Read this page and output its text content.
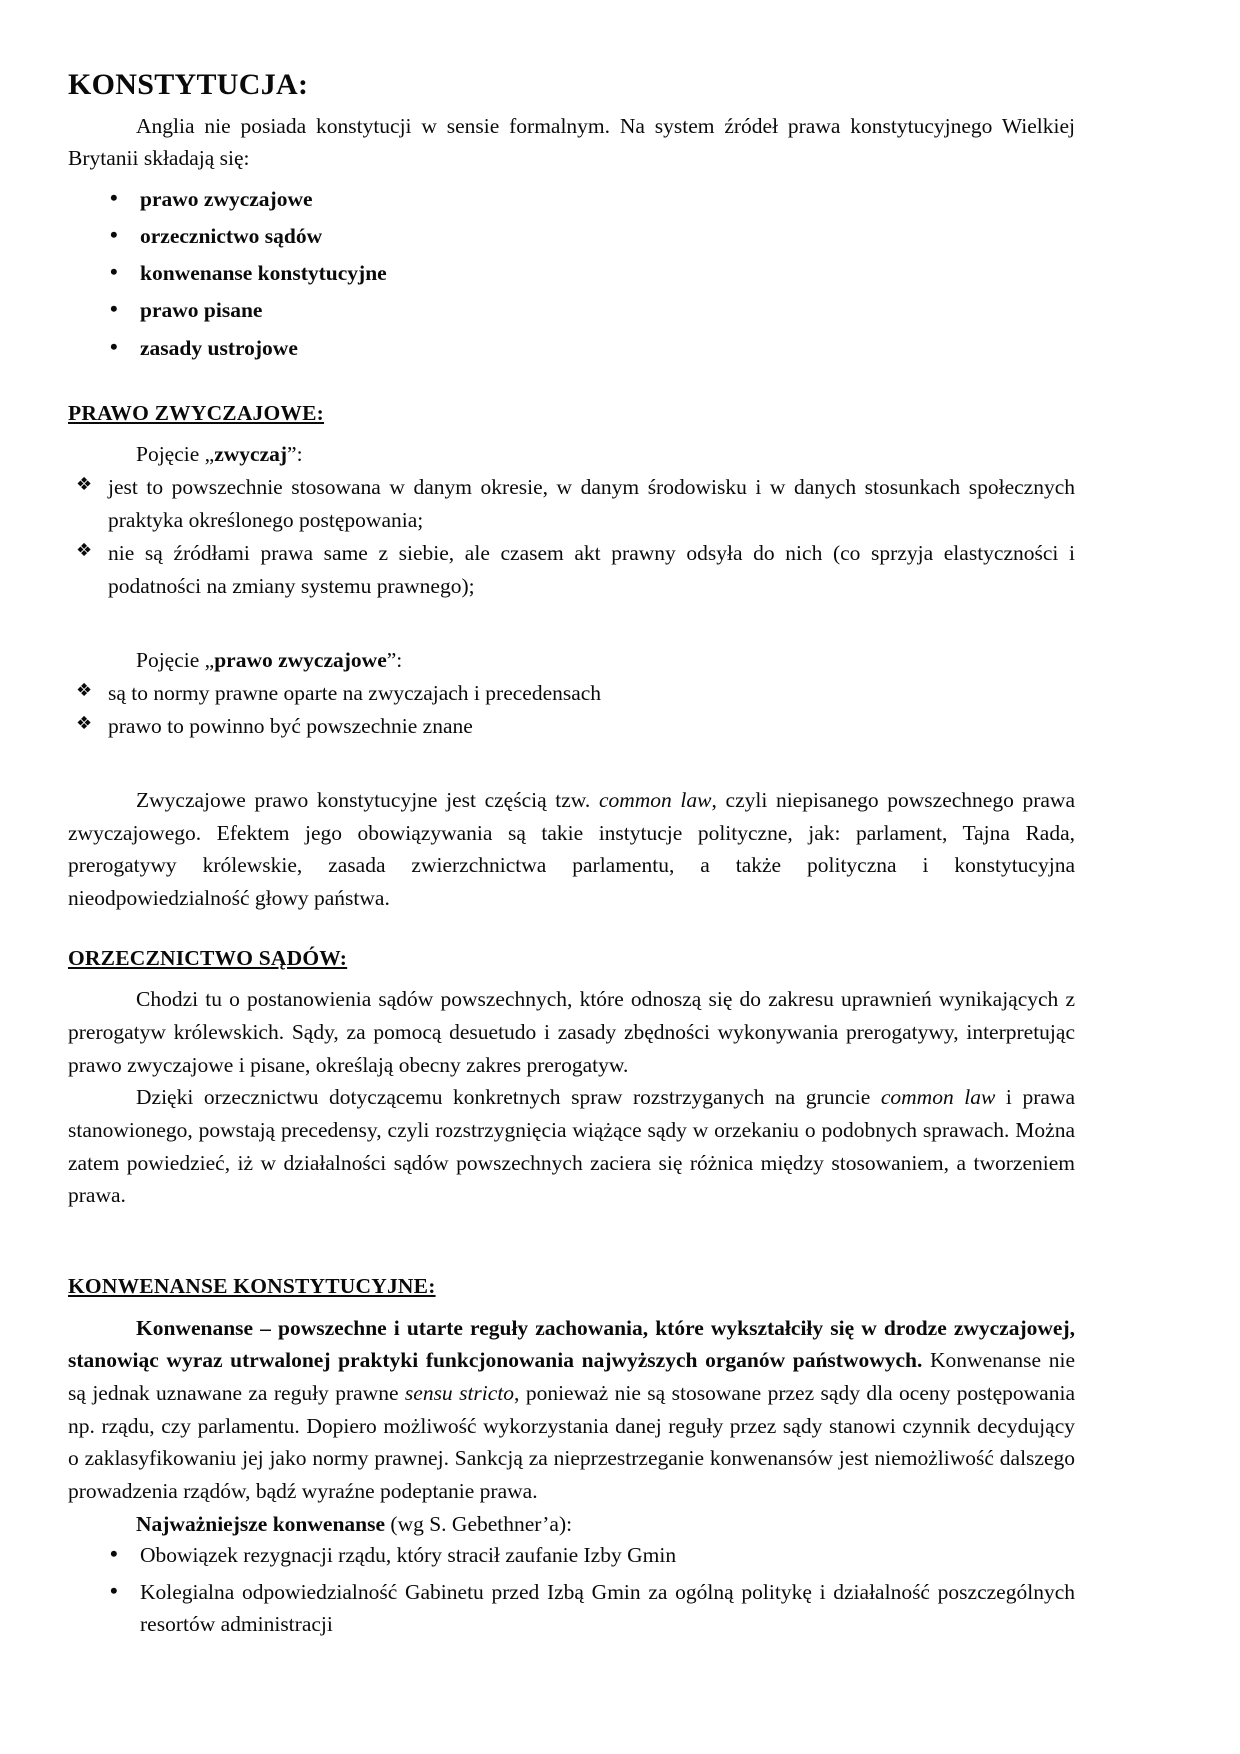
KONSTYTUCJA:

Anglia nie posiada konstytucji w sensie formalnym. Na system źródeł prawa konstytucyjnego Wielkiej Brytanii składają się:

• prawo zwyczajowe
• orzecznictwo sądów
• konwenanse konstytucyjne
• prawo pisane
• zasady ustrojowe
PRAWO ZWYCZAJOWE:

Pojęcie „zwyczaj”:

❖ jest to powszechnie stosowana w danym okresie, w danym środowisku i w danych stosunkach społecznych praktyka określonego postępowania;
❖ nie są źródłami prawa same z siebie, ale czasem akt prawny odsyła do nich (co sprzyja elastyczności i podatności na zmiany systemu prawnego);

Pojęcie „prawo zwyczajowe”:

❖ są to normy prawne oparte na zwyczajach i precedensach
❖ prawo to powinno być powszechnie znane

Zwyczajowe prawo konstytucyjne jest częścią tzw. common law, czyli niepisanego powszechnego prawa zwyczajowego. Efektem jego obowiązywania są takie instytucje polityczne, jak: parlament, Tajna Rada, prerogatywy królewskie, zasada zwierzchnictwa parlamentu, a także polityczna i konstytucyjna nieodpowiedzialność głowy państwa.

ORZECZNICTWO SĄDÓW:

Chodzi tu o postanowienia sądów powszechnych, które odnoszą się do zakresu uprawnień wynikających z prerogatyw królewskich. Sądy, za pomocą desuetudo i zasady zbędności wykonywania prerogatywy, interpretując prawo zwyczajowe i pisane, określają obecny zakres prerogatyw.

Dzięki orzecznictwu dotyczącemu konkretnych spraw rozstrzyganych na gruncie common law i prawa stanowionego, powstają precedensy, czyli rozstrzygnięcia wiążące sądy w orzekaniu o podobnych sprawach. Można zatem powiedzieć, iż w działalności sądów powszechnych zaciera się różnica między stosowaniem, a tworzeniem prawa.

KONWENANSE KONSTYTUCYJNE:

Konwenanse – powszechne i utarte reguły zachowania, które wykształciły się w drodze zwyczajowej, stanowiąc wyraz utrwalonej praktyki funkcjonowania najwyższych organów państwowych. Konwenanse nie są jednak uznawane za reguły prawne sensu stricto, ponieważ nie są stosowane przez sądy dla oceny postępowania np. rządu, czy parlamentu. Dopiero możliwość wykorzystania danej reguły przez sądy stanowi czynnik decydujący o zaklasyfikowaniu jej jako normy prawnej. Sankcją za nieprzestrzeganie konwenansów jest niemożliwość dalszego prowadzenia rządów, bądź wyraźne podeptanie prawa.

Najważniejsze konwenanse (wg S. Gebethner’a):

• Obowiązek rezygnacji rządu, który stracił zaufanie Izby Gmin
• Kolegialna odpowiedzialność Gabinetu przed Izbą Gmin za ogólną politykę i działalność poszczególnych resortów administracji
